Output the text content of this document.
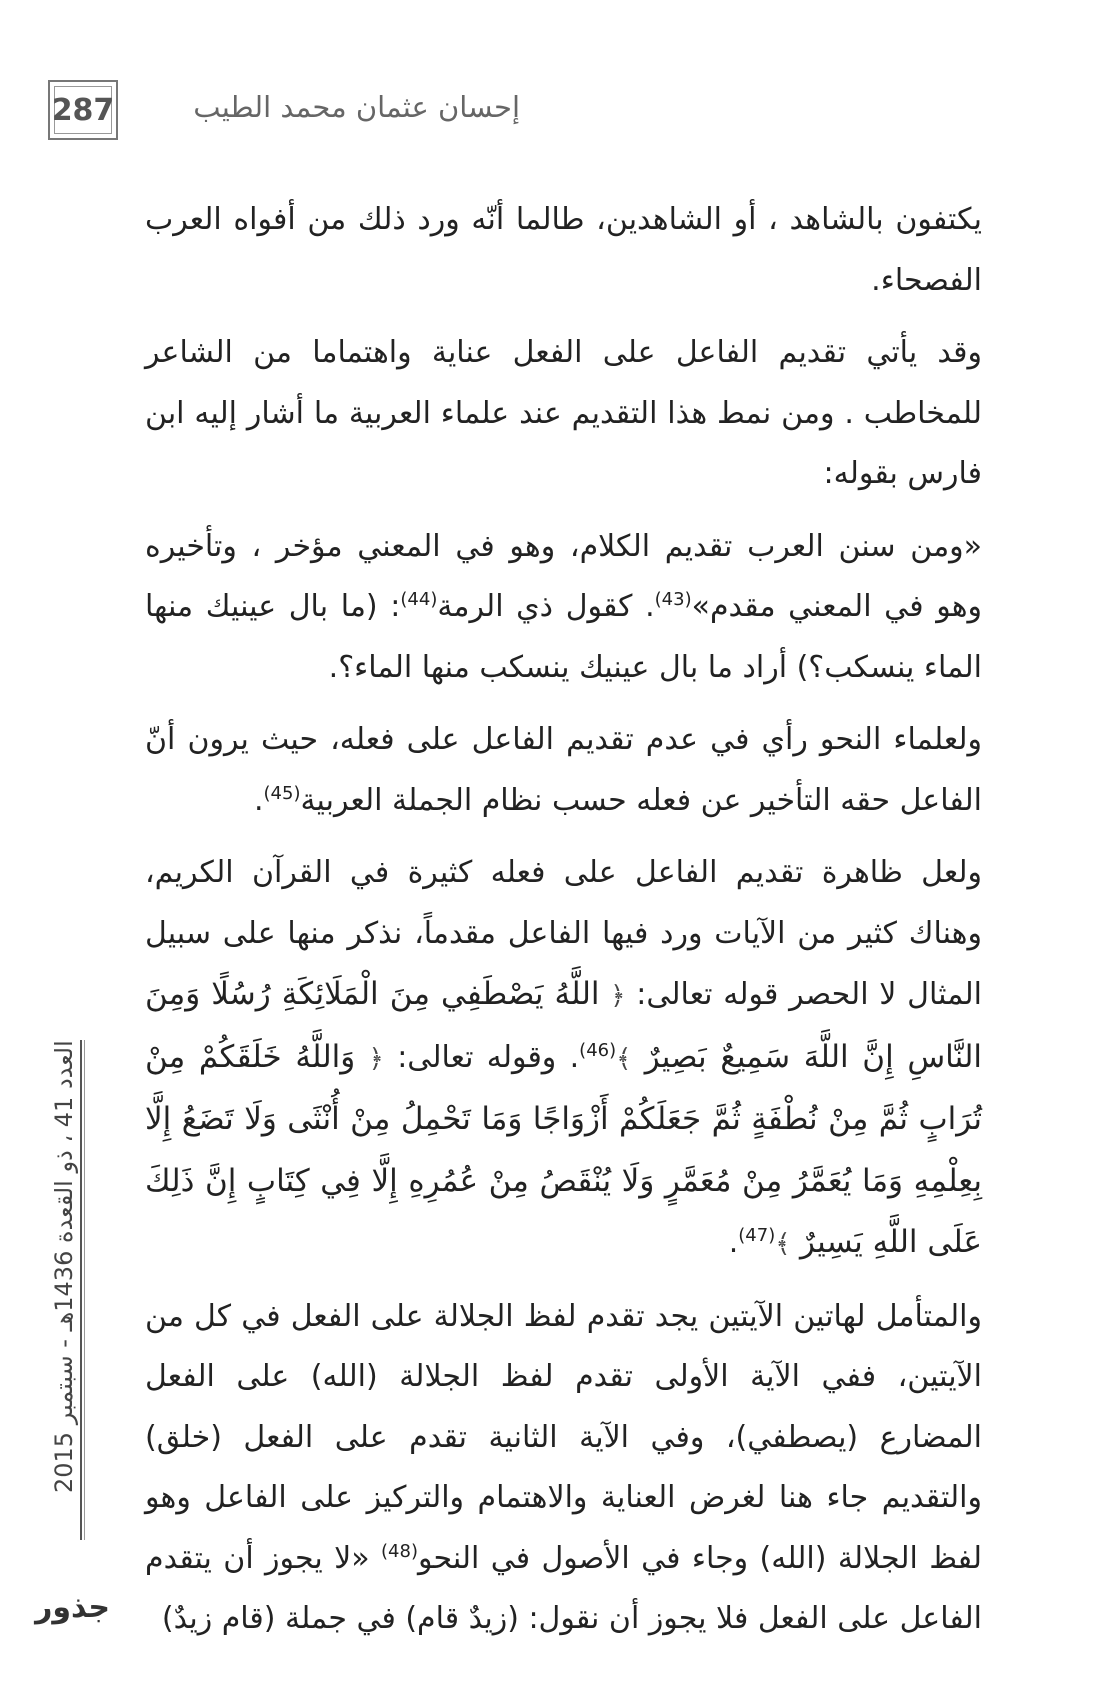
287	إحسان عثمان محمد الطيب

يكتفون بالشاهد ، أو الشاهدين، طالما أنّه ورد ذلك من أفواه العرب الفصحاء.

وقد يأتي تقديم الفاعل على الفعل عناية واهتماما من الشاعر للمخاطب . ومن نمط هذا التقديم عند علماء العربية ما أشار إليه ابن فارس بقوله:

«ومن سنن العرب تقديم الكلام، وهو في المعني مؤخر ، وتأخيره وهو في المعني مقدم»$^{(43)}$. كقول ذي الرمة$^{(44)}$: (ما بال عينيك منها الماء ينسكب؟) أراد ما بال عينيك ينسكب منها الماء؟.

ولعلماء النحو رأي في عدم تقديم الفاعل على فعله، حيث يرون أنّ الفاعل حقه التأخير عن فعله حسب نظام الجملة العربية$^{(45)}$.

ولعل ظاهرة تقديم الفاعل على فعله كثيرة في القرآن الكريم، وهناك كثير من الآيات ورد فيها الفاعل مقدماً، نذكر منها على سبيل المثال لا الحصر قوله تعالى: ﴿ اللَّهُ يَصْطَفِي مِنَ الْمَلَائِكَةِ رُسُلًا وَمِنَ النَّاسِ إِنَّ اللَّهَ سَمِيعٌ بَصِيرٌ ﴾$^{(46)}$. وقوله تعالى: ﴿ وَاللَّهُ خَلَقَكُمْ مِنْ تُرَابٍ ثُمَّ مِنْ نُطْفَةٍ ثُمَّ جَعَلَكُمْ أَزْوَاجًا وَمَا تَحْمِلُ مِنْ أُنْثَى وَلَا تَضَعُ إِلَّا بِعِلْمِهِ وَمَا يُعَمَّرُ مِنْ مُعَمَّرٍ وَلَا يُنْقَصُ مِنْ عُمُرِهِ إِلَّا فِي كِتَابٍ إِنَّ ذَلِكَ عَلَى اللَّهِ يَسِيرٌ ﴾$^{(47)}$.

والمتأمل لهاتين الآيتين يجد تقدم لفظ الجلالة على الفعل في كل من الآيتين، ففي الآية الأولى تقدم لفظ الجلالة (الله) على الفعل المضارع (يصطفي)، وفي الآية الثانية تقدم على الفعل (خلق) والتقديم جاء هنا لغرض العناية والاهتمام والتركيز على الفاعل وهو لفظ الجلالة (الله) وجاء في الأصول في النحو$^{(48)}$ «لا يجوز أن يتقدم الفاعل على الفعل فلا يجوز أن نقول: (زيدٌ قام) في جملة (قام زيدٌ)

العدد 41 ، ذو القعدة 1436هـ - سبتمبر 2015
جذور
